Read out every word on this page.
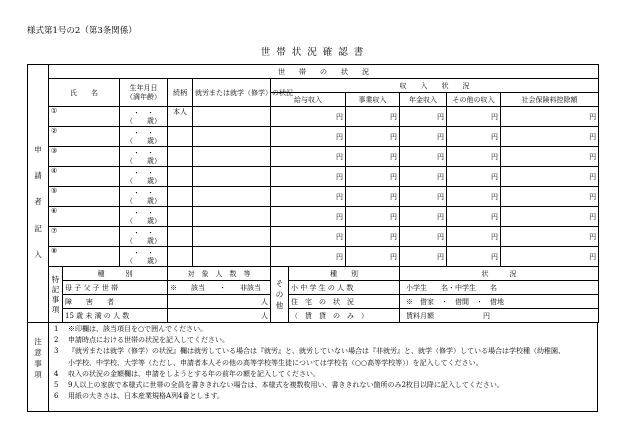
様式第1号の2（第3条関係）
世帯状況確認書
申
請
者
記
入	世　　帯　　の　　状　　況										
	氏　　名		生年月日
（満年齢）	続柄	就労または就学（修学）の状況	収　　入　　状　　況					
						給与収入		事業収入	年金収入	その他の収入	社会保険料控除額
	①		・　・
（　　歳）	本人		円		円	円	円	円
	②		・　・
（　　歳）			円		円	円	円	円
	③		・　・
（　　歳）			円		円	円	円	円
	④		・　・
（　　歳）			円		円	円	円	円
	⑤		・　・
（　　歳）			円		円	円	円	円
	⑥		・　・
（　　歳）			円		円	円	円	円
	⑦		・　・
（　　歳）			円		円	円	円	円
	⑧		・　・
（　　歳）			円		円	円	円	円

	特
記
事
項	種　　　別		対　象　人　数　等		そ
の
他	種　　別		状　　　況		
		母 子 父 子 世 帯		※　　該当　　・　　非該当			小 中 学 生 の 人 数		小学生　　名・中学生　　名		
		障　　害　　者		人			住　宅　の　状　況		※　借家　・　借間　・　借地		
		15 歳 未 満 の 人 数		人			（　賃　貸　の　み　）		賃料月額　　　　　　　円		
注
意
事
項
1 ※印欄は、該当項目を○で囲んでください。
2 申請時点における世帯の状況を記入してください。
3 『就労または就学（修学）の状況』欄は就労している場合は『就労』と、就労していない場合は『非就労』と、就学（修学）している場合は学校種（幼稚園、
小学校、中学校、大学等（ただし、申請者本人その他の高等学校等生徒については学校名（○○高等学校等））を記入してください。
4 収入の状況の金額欄は、申請をしようとする年の前年の額を記入してください。
5 9人以上の家族で本様式に世帯の全員を書ききれない場合は、本様式を複数枚用い、書ききれない箇所のみ2枚目以降に記入してください。
6 用紙の大きさは、日本産業規格A列4番とします。
